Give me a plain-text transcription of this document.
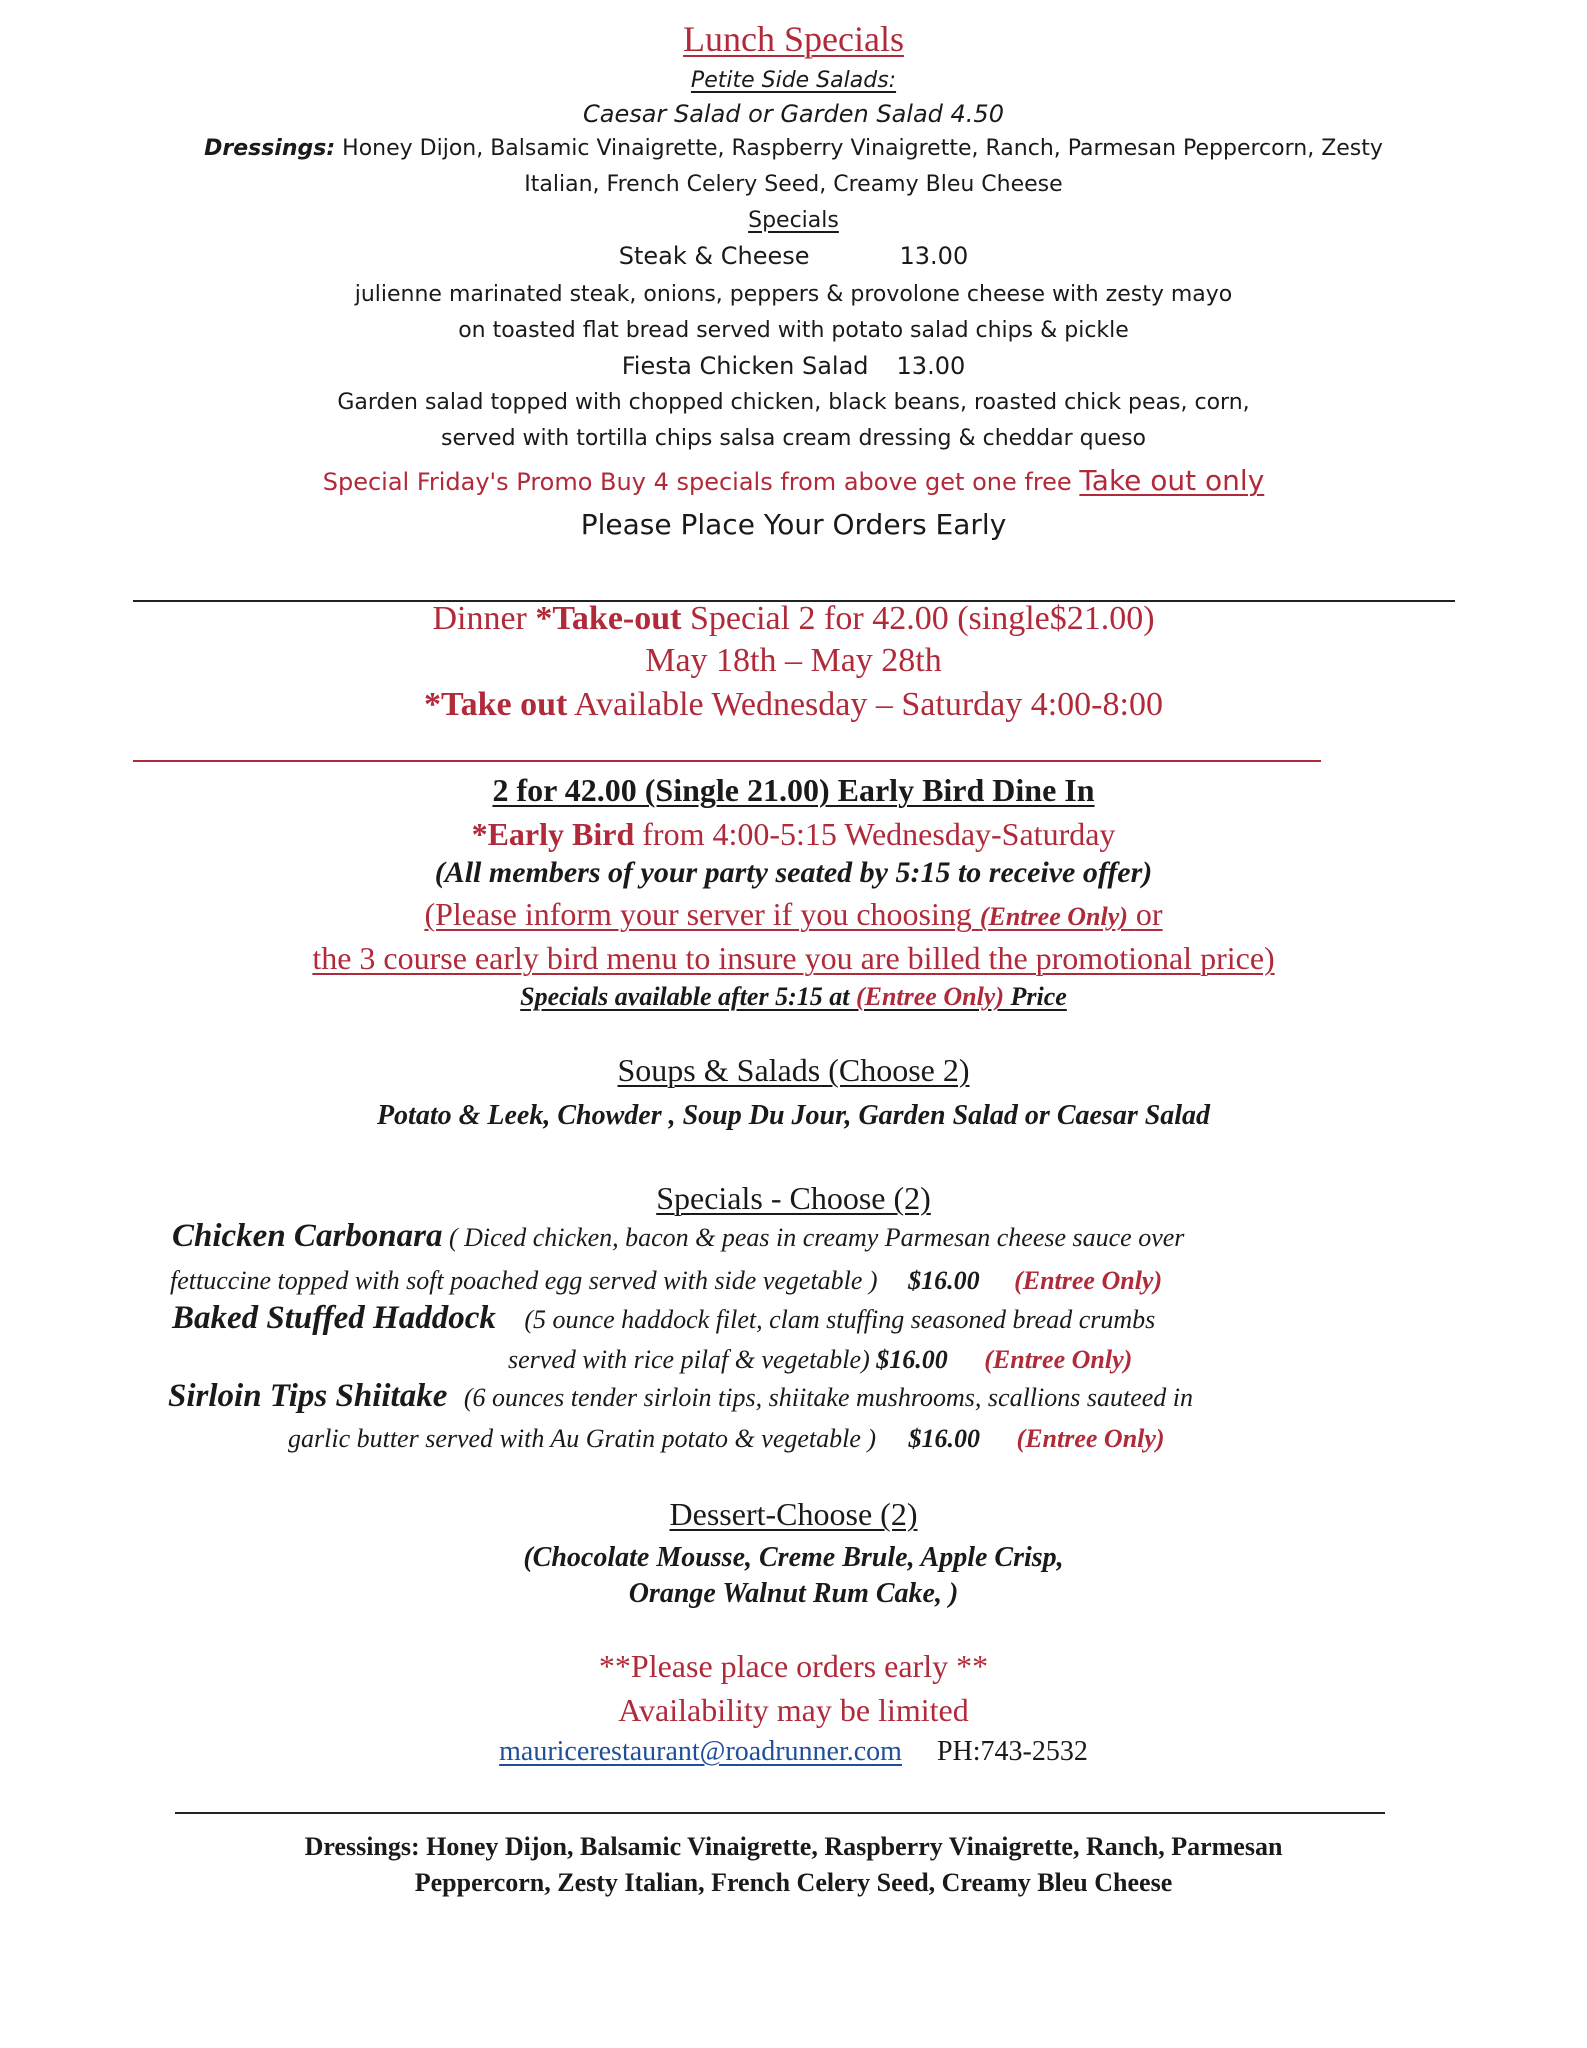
Lunch Specials
Petite Side Salads:
Caesar Salad or Garden Salad 4.50
Dressings: Honey Dijon, Balsamic Vinaigrette, Raspberry Vinaigrette, Ranch, Parmesan Peppercorn, Zesty
Italian, French Celery Seed, Creamy Bleu Cheese
Specials
Steak & Cheese	13.00
julienne marinated steak, onions, peppers & provolone cheese with zesty mayo
on toasted flat bread served with potato salad chips & pickle
Fiesta Chicken Salad 13.00
Garden salad topped with chopped chicken, black beans, roasted chick peas, corn,
served with tortilla chips salsa cream dressing & cheddar queso
Special Friday's Promo Buy 4 specials from above get one free Take out only
Please Place Your Orders Early
Dinner *Take-out Special 2 for 42.00 (single$21.00)
May 18th – May 28th
*Take out Available Wednesday – Saturday 4:00-8:00
2 for 42.00 (Single 21.00) Early Bird Dine In
*Early Bird from 4:00-5:15 Wednesday-Saturday
(All members of your party seated by 5:15 to receive offer)
(Please inform your server if you choosing (Entree Only) or
the 3 course early bird menu to insure you are billed the promotional price)
Specials available after 5:15 at (Entree Only) Price
Soups & Salads (Choose 2)
Potato & Leek, Chowder , Soup Du Jour, Garden Salad or Caesar Salad
Specials - Choose (2)
Chicken Carbonara ( Diced chicken, bacon & peas in creamy Parmesan cheese sauce over
fettuccine topped with soft poached egg served with side vegetable ) $16.00 (Entree Only)
Baked Stuffed Haddock (5 ounce haddock filet, clam stuffing seasoned bread crumbs
served with rice pilaf & vegetable) $16.00 (Entree Only)
Sirloin Tips Shiitake (6 ounces tender sirloin tips, shiitake mushrooms, scallions sauteed in
garlic butter served with Au Gratin potato & vegetable ) $16.00 (Entree Only)
Dessert-Choose (2)
(Chocolate Mousse, Creme Brule, Apple Crisp,
Orange Walnut Rum Cake, )
**Please place orders early **
Availability may be limited
mauricerestaurant@roadrunner.com PH:743-2532
Dressings: Honey Dijon, Balsamic Vinaigrette, Raspberry Vinaigrette, Ranch, Parmesan
Peppercorn, Zesty Italian, French Celery Seed, Creamy Bleu Cheese
